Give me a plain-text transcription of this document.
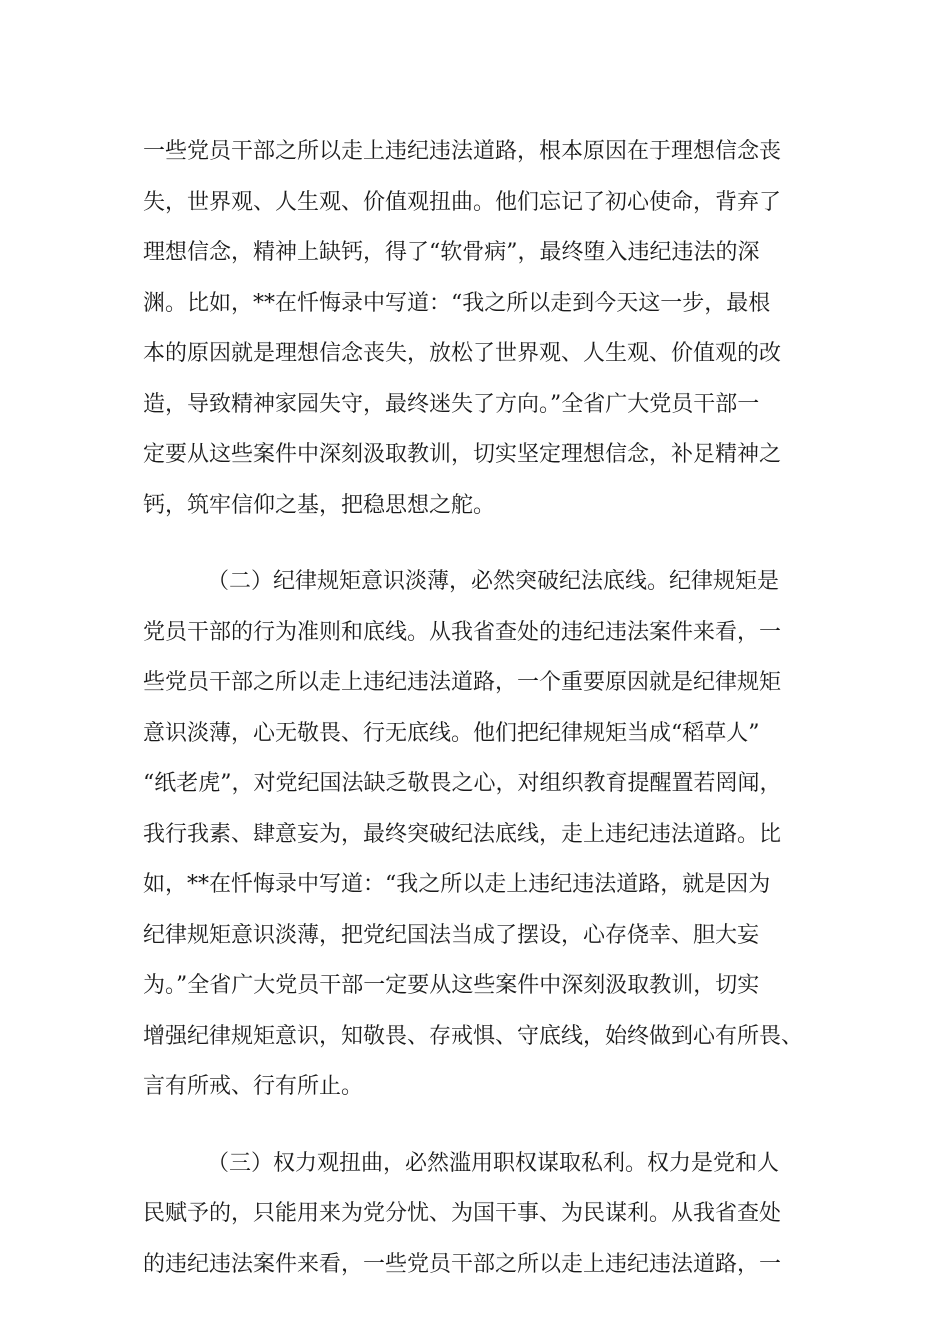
一些党员干部之所以走上违纪违法道路，根本原因在于理想信念丧
失，世界观、人生观、价值观扭曲。他们忘记了初心使命，背弃了
理想信念，精神上缺钙，得了“软骨病”，最终堕入违纪违法的深
渊。比如，**在忏悔录中写道：“我之所以走到今天这一步，最根
本的原因就是理想信念丧失，放松了世界观、人生观、价值观的改
造，导致精神家园失守，最终迷失了方向。”全省广大党员干部一
定要从这些案件中深刻汲取教训，切实坚定理想信念，补足精神之
钙，筑牢信仰之基，把稳思想之舵。
（二）纪律规矩意识淡薄，必然突破纪法底线。纪律规矩是
党员干部的行为准则和底线。从我省查处的违纪违法案件来看，一
些党员干部之所以走上违纪违法道路，一个重要原因就是纪律规矩
意识淡薄，心无敬畏、行无底线。他们把纪律规矩当成“稻草人”
“纸老虎”，对党纪国法缺乏敬畏之心，对组织教育提醒置若罔闻，
我行我素、肆意妄为，最终突破纪法底线，走上违纪违法道路。比
如，**在忏悔录中写道：“我之所以走上违纪违法道路，就是因为
纪律规矩意识淡薄，把党纪国法当成了摆设，心存侥幸、胆大妄
为。”全省广大党员干部一定要从这些案件中深刻汲取教训，切实
增强纪律规矩意识，知敬畏、存戒惧、守底线，始终做到心有所畏、
言有所戒、行有所止。
（三）权力观扭曲，必然滥用职权谋取私利。权力是党和人
民赋予的，只能用来为党分忧、为国干事、为民谋利。从我省查处
的违纪违法案件来看，一些党员干部之所以走上违纪违法道路，一
